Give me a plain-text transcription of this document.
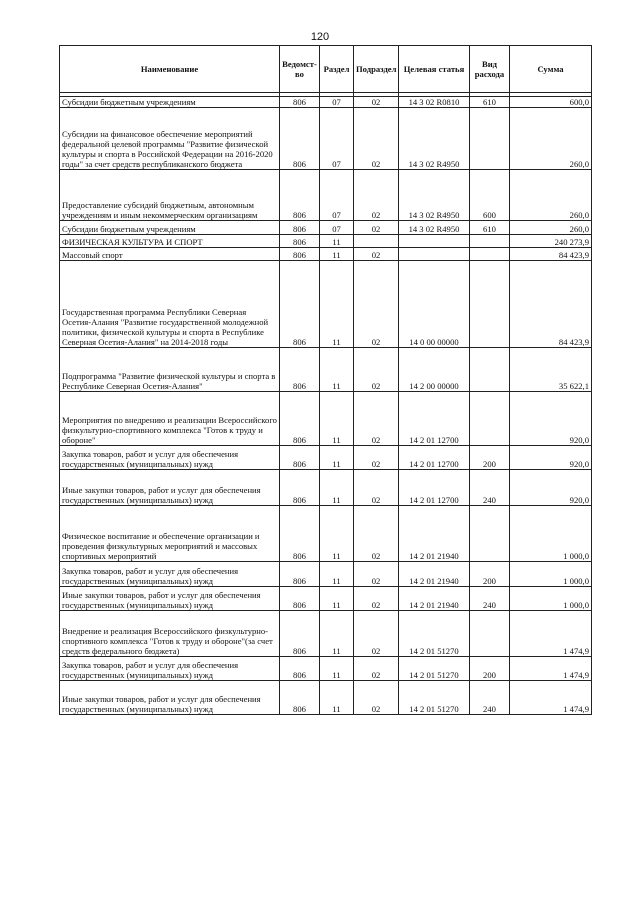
120
Наименование	Ведомст-во	Раздел	Подраздел	Целевая статья	Вид расхода	Сумма

Субсидии бюджетным учреждениям	806	07	02	14 3 02 R0810	610	600,0
Субсидии на финансовое обеспечение мероприятий федеральной целевой программы "Развитие физической культуры и спорта в Российской Федерации на 2016-2020 годы" за счет средств республиканского бюджета	806	07	02	14 3 02 R4950		260,0
Предоставление субсидий бюджетным, автономным учреждениям и иным некоммерческим организациям	806	07	02	14 3 02 R4950	600	260,0
Субсидии бюджетным учреждениям	806	07	02	14 3 02 R4950	610	260,0
ФИЗИЧЕСКАЯ КУЛЬТУРА И СПОРТ	806	11				240 273,9
Массовый спорт	806	11	02			84 423,9
Государственная программа Республики Северная Осетия-Алания "Развитие государственной молодежной политики, физической культуры и спорта в Республике Северная Осетия-Алания" на 2014-2018 годы	806	11	02	14 0 00 00000		84 423,9
Подпрограмма "Развитие физической культуры и спорта в Республике Северная Осетия-Алания"	806	11	02	14 2 00 00000		35 622,1
Мероприятия по внедрению и реализации Всероссийского физкультурно-спортивного комплекса "Готов к труду и обороне"	806	11	02	14 2 01 12700		920,0
Закупка товаров, работ и услуг для обеспечения государственных (муниципальных) нужд	806	11	02	14 2 01 12700	200	920,0
Иные закупки товаров, работ и услуг для обеспечения государственных (муниципальных) нужд	806	11	02	14 2 01 12700	240	920,0
Физическое воспитание и обеспечение организации и проведения физкультурных мероприятий и массовых спортивных мероприятий	806	11	02	14 2 01 21940		1 000,0
Закупка товаров, работ и услуг для обеспечения государственных (муниципальных) нужд	806	11	02	14 2 01 21940	200	1 000,0
Иные закупки товаров, работ и услуг для обеспечения государственных (муниципальных) нужд	806	11	02	14 2 01 21940	240	1 000,0
Внедрение и реализация Всероссийского физкультурно-спортивного комплекса "Готов к труду и обороне"(за счет средств федерального бюджета)	806	11	02	14 2 01 51270		1 474,9
Закупка товаров, работ и услуг для обеспечения государственных (муниципальных) нужд	806	11	02	14 2 01 51270	200	1 474,9
Иные закупки товаров, работ и услуг для обеспечения государственных (муниципальных) нужд	806	11	02	14 2 01 51270	240	1 474,9
